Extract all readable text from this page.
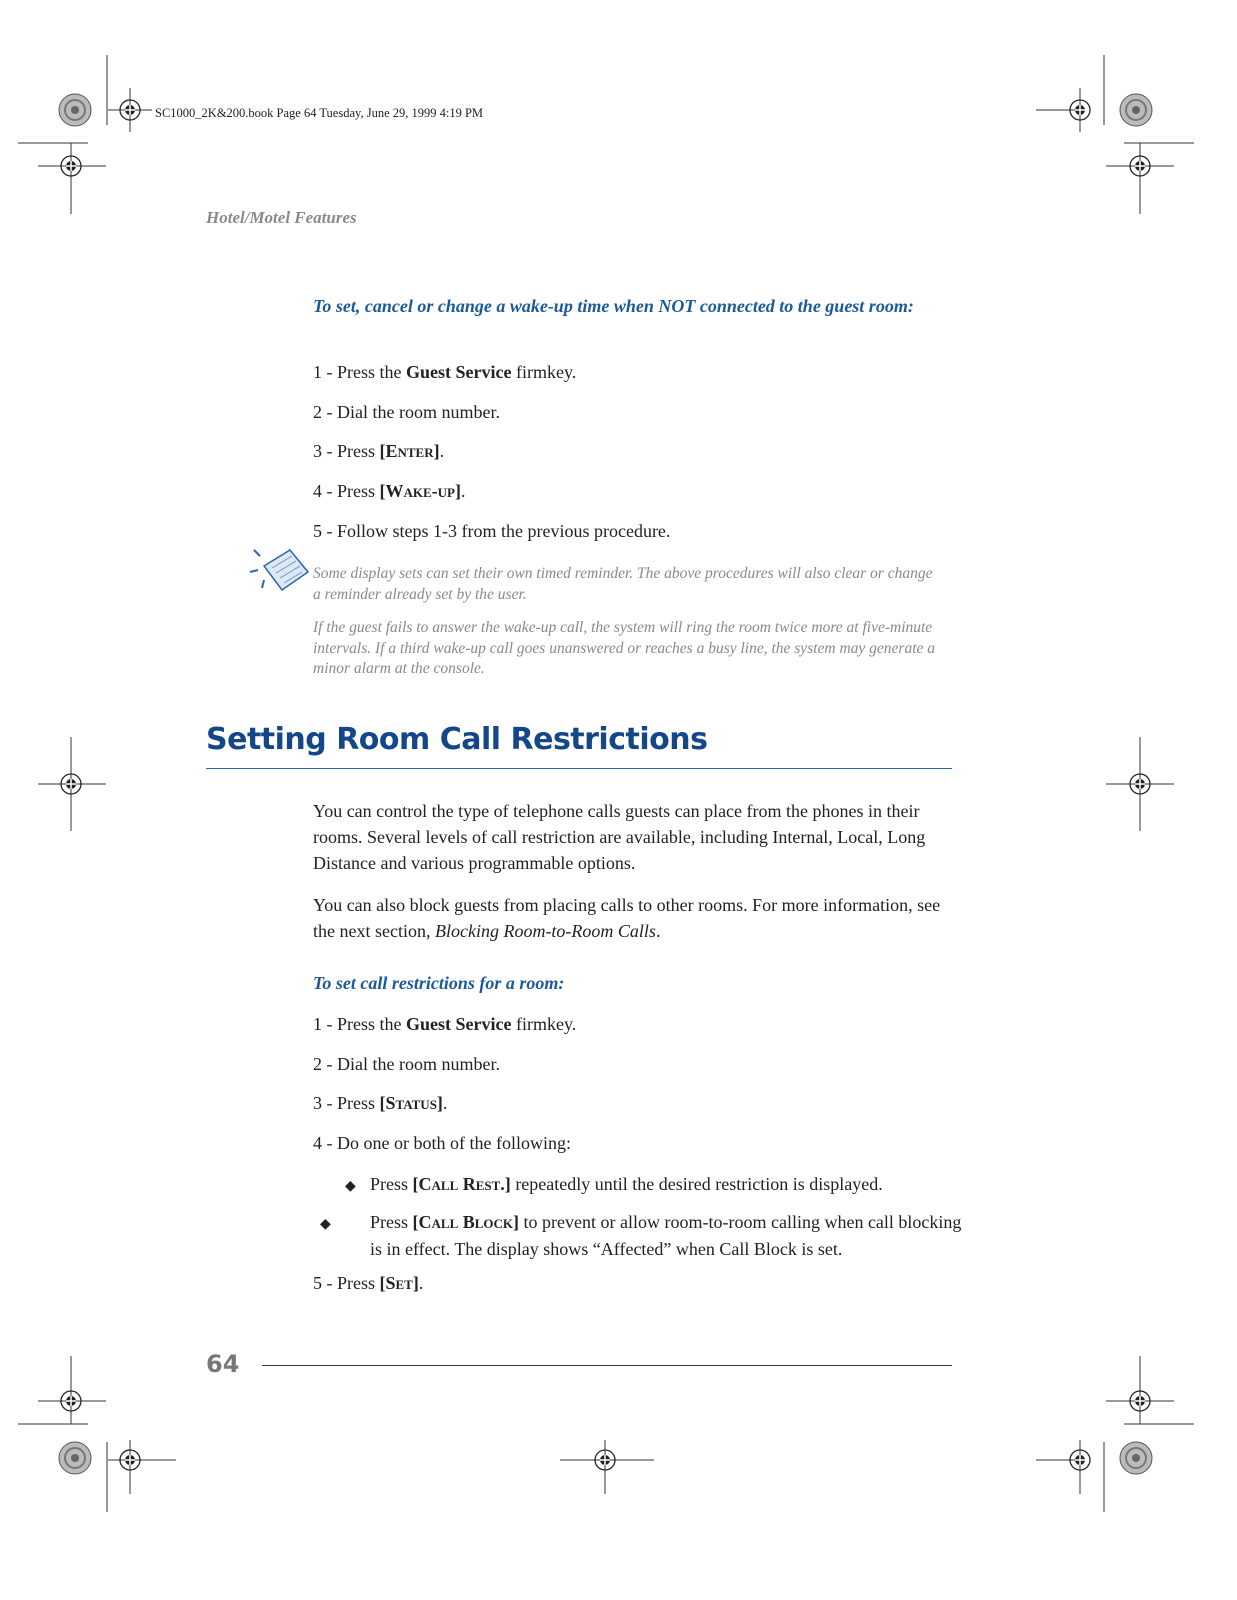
SC1000_2K&200.book Page 64 Tuesday, June 29, 1999 4:19 PM
Hotel/Motel Features
To set, cancel or change a wake-up time when NOT connected to the guest room:
1 - Press the Guest Service firmkey.
2 - Dial the room number.
3 - Press [Enter].
4 - Press [Wake-up].
5 - Follow steps 1-3 from the previous procedure.
Some display sets can set their own timed reminder. The above procedures will also clear or change a reminder already set by the user.
If the guest fails to answer the wake-up call, the system will ring the room twice more at five-minute intervals. If a third wake-up call goes unanswered or reaches a busy line, the system may generate a minor alarm at the console.
Setting Room Call Restrictions
You can control the type of telephone calls guests can place from the phones in their rooms. Several levels of call restriction are available, including Internal, Local, Long Distance and various programmable options.
You can also block guests from placing calls to other rooms. For more information, see the next section, Blocking Room-to-Room Calls.
To set call restrictions for a room:
1 - Press the Guest Service firmkey.
2 - Dial the room number.
3 - Press [Status].
4 - Do one or both of the following:
◆ Press [Call Rest.] repeatedly until the desired restriction is displayed.
◆ Press [Call Block] to prevent or allow room-to-room calling when call blocking is in effect. The display shows “Affected” when Call Block is set.
5 - Press [Set].
64
